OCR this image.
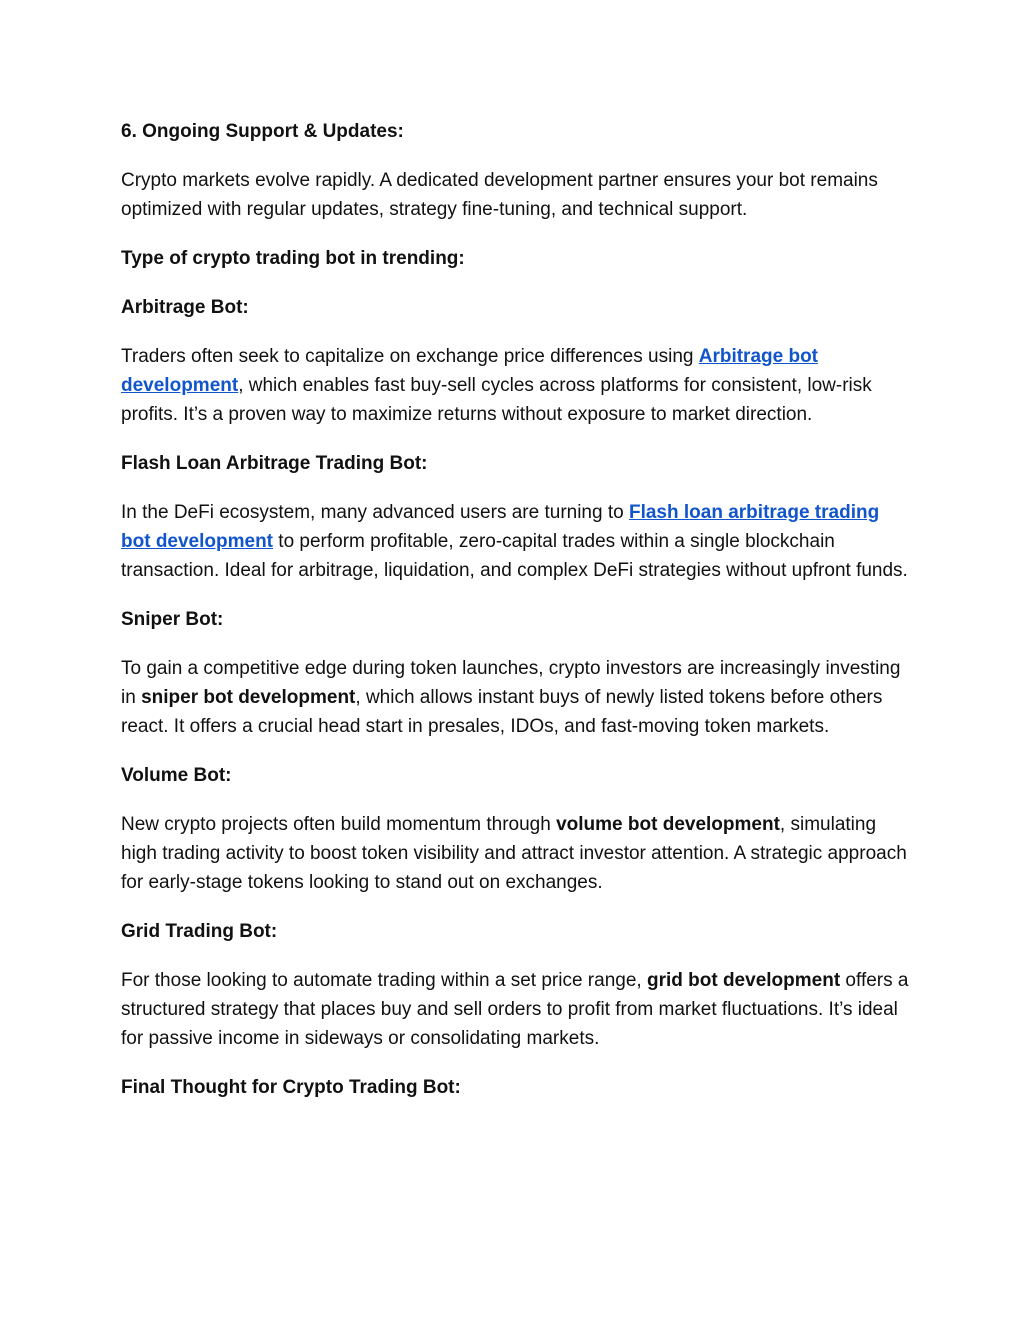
6. Ongoing Support & Updates:
Crypto markets evolve rapidly. A dedicated development partner ensures your bot remains optimized with regular updates, strategy fine-tuning, and technical support.
Type of crypto trading bot in trending:
Arbitrage Bot:
Traders often seek to capitalize on exchange price differences using Arbitrage bot development, which enables fast buy-sell cycles across platforms for consistent, low-risk profits. It’s a proven way to maximize returns without exposure to market direction.
Flash Loan Arbitrage Trading Bot:
In the DeFi ecosystem, many advanced users are turning to Flash loan arbitrage trading bot development to perform profitable, zero-capital trades within a single blockchain transaction. Ideal for arbitrage, liquidation, and complex DeFi strategies without upfront funds.
Sniper Bot:
To gain a competitive edge during token launches, crypto investors are increasingly investing in sniper bot development, which allows instant buys of newly listed tokens before others react. It offers a crucial head start in presales, IDOs, and fast-moving token markets.
Volume Bot:
New crypto projects often build momentum through volume bot development, simulating high trading activity to boost token visibility and attract investor attention. A strategic approach for early-stage tokens looking to stand out on exchanges.
Grid Trading Bot:
For those looking to automate trading within a set price range, grid bot development offers a structured strategy that places buy and sell orders to profit from market fluctuations. It’s ideal for passive income in sideways or consolidating markets.
Final Thought for Crypto Trading Bot:
